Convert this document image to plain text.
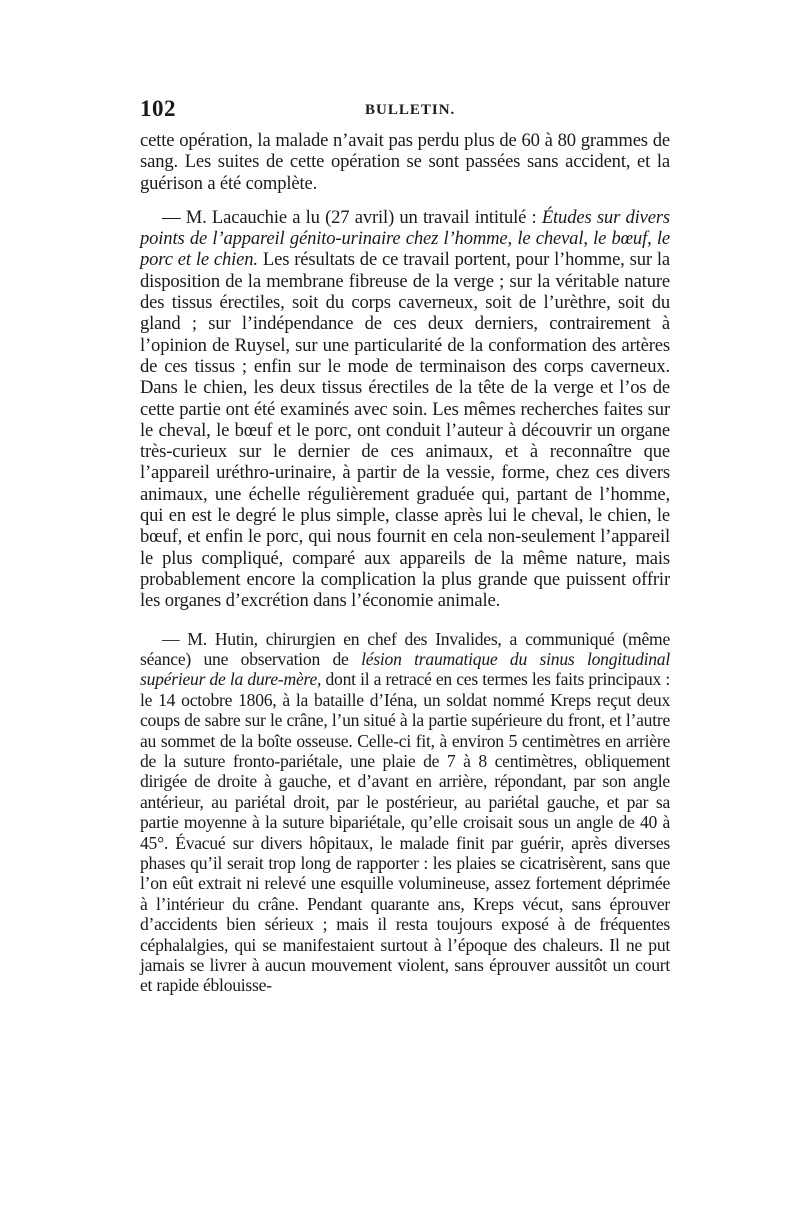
102	BULLETIN.

cette opération, la malade n’avait pas perdu plus de 60 à 80 grammes de sang. Les suites de cette opération se sont passées sans accident, et la guérison a été complète.

— M. Lacauchie a lu (27 avril) un travail intitulé : Études sur divers points de l’appareil génito-urinaire chez l’homme, le cheval, le bœuf, le porc et le chien. Les résultats de ce travail portent, pour l’homme, sur la disposition de la membrane fibreuse de la verge ; sur la véritable nature des tissus érectiles, soit du corps caverneux, soit de l’urèthre, soit du gland ; sur l’indépendance de ces deux derniers, contrairement à l’opinion de Ruysel, sur une particularité de la conformation des artères de ces tissus ; enfin sur le mode de terminaison des corps caverneux. Dans le chien, les deux tissus érectiles de la tête de la verge et l’os de cette partie ont été examinés avec soin. Les mêmes recherches faites sur le cheval, le bœuf et le porc, ont conduit l’auteur à découvrir un organe très-curieux sur le dernier de ces animaux, et à reconnaître que l’appareil uréthro-urinaire, à partir de la vessie, forme, chez ces divers animaux, une échelle régulièrement graduée qui, partant de l’homme, qui en est le degré le plus simple, classe après lui le cheval, le chien, le bœuf, et enfin le porc, qui nous fournit en cela non-seulement l’appareil le plus compliqué, comparé aux appareils de la même nature, mais probablement encore la complication la plus grande que puissent offrir les organes d’excrétion dans l’économie animale.

— M. Hutin, chirurgien en chef des Invalides, a communiqué (même séance) une observation de lésion traumatique du sinus longitudinal supérieur de la dure-mère, dont il a retracé en ces termes les faits principaux : le 14 octobre 1806, à la bataille d’Iéna, un soldat nommé Kreps reçut deux coups de sabre sur le crâne, l’un situé à la partie supérieure du front, et l’autre au sommet de la boîte osseuse. Celle-ci fit, à environ 5 centimètres en arrière de la suture fronto-pariétale, une plaie de 7 à 8 centimètres, obliquement dirigée de droite à gauche, et d’avant en arrière, répondant, par son angle antérieur, au pariétal droit, par le postérieur, au pariétal gauche, et par sa partie moyenne à la suture bipariétale, qu’elle croisait sous un angle de 40 à 45°. Évacué sur divers hôpitaux, le malade finit par guérir, après diverses phases qu’il serait trop long de rapporter : les plaies se cicatrisèrent, sans que l’on eût extrait ni relevé une esquille volumineuse, assez fortement déprimée à l’intérieur du crâne. Pendant quarante ans, Kreps vécut, sans éprouver d’accidents bien sérieux ; mais il resta toujours exposé à de fréquentes céphalalgies, qui se manifestaient surtout à l’époque des chaleurs. Il ne put jamais se livrer à aucun mouvement violent, sans éprouver aussitôt un court et rapide éblouisse-
